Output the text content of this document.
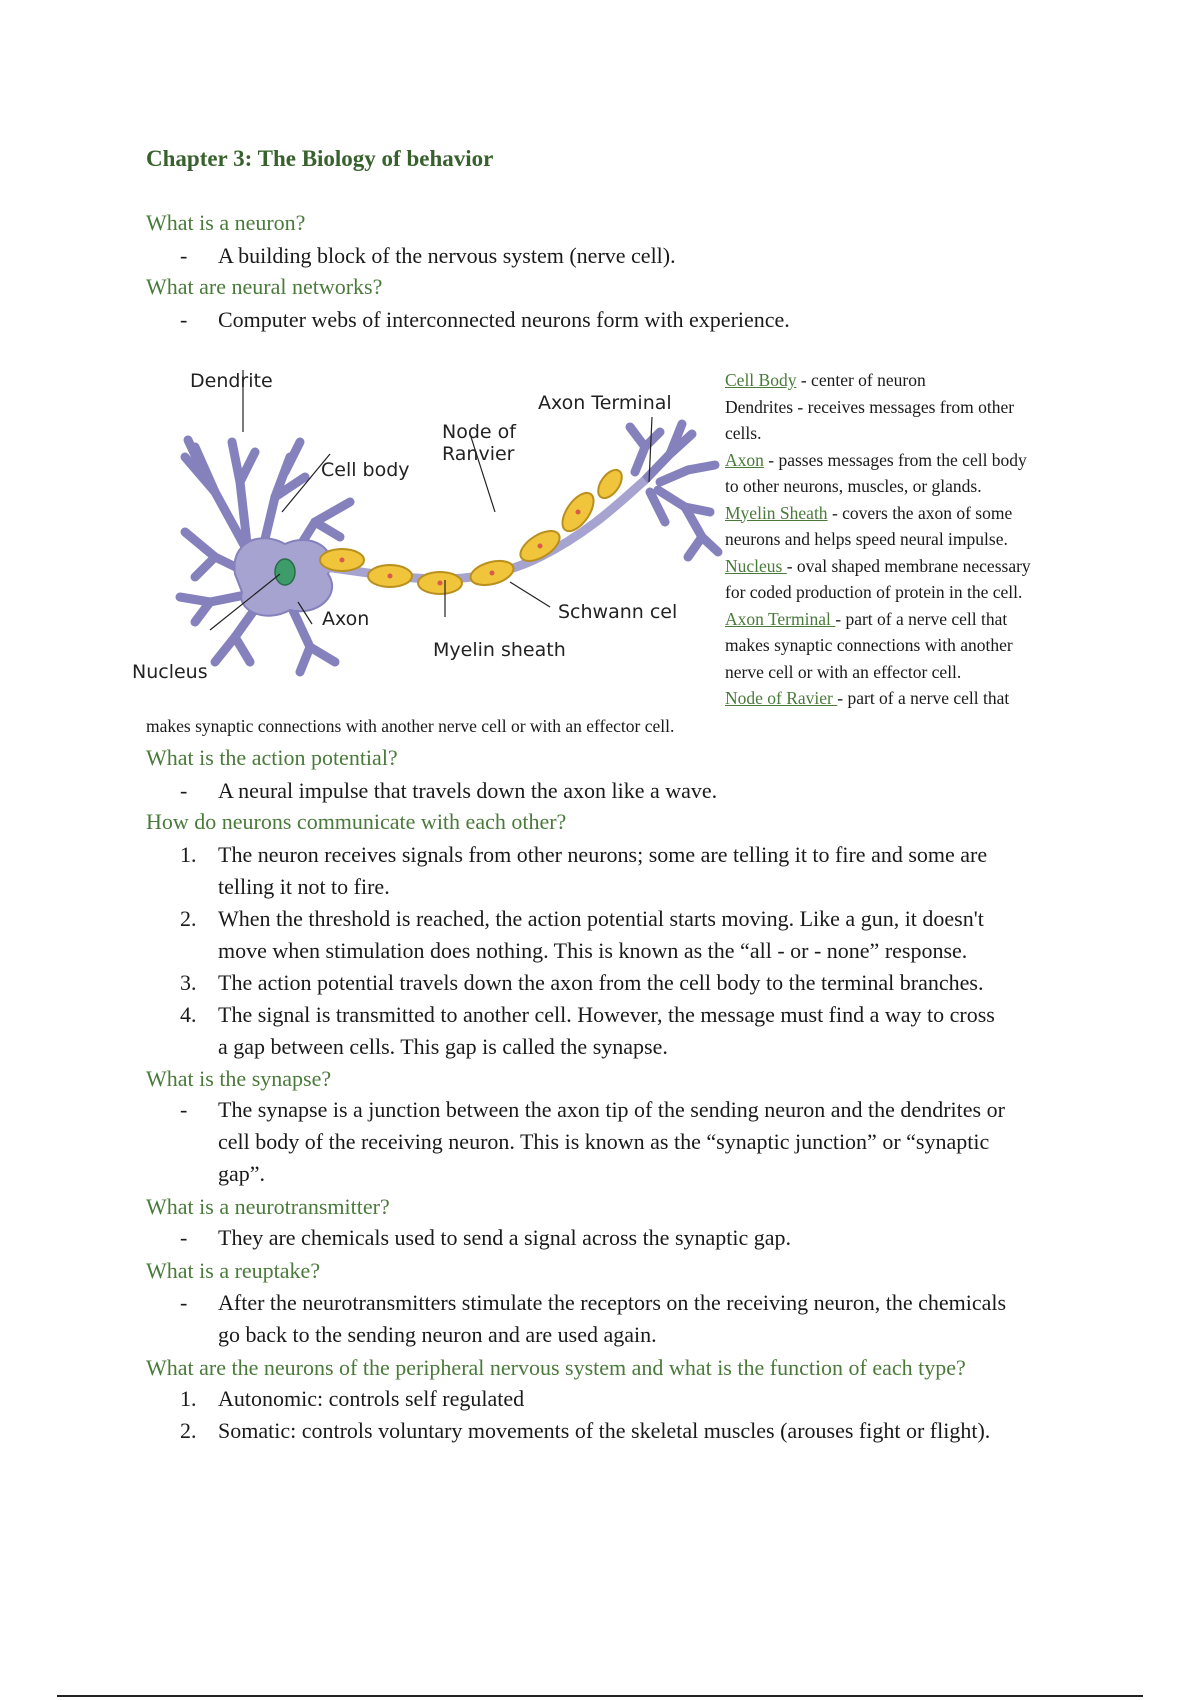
Chapter 3: The Biology of behavior
What is a neuron?
-	A building block of the nervous system (nerve cell).
What are neural networks?
-	Computer webs of interconnected neurons form with experience.
Dendrite
Axon Terminal
Node of
Ranvier
Cell body
Axon	Schwann cel
Myelin sheath
Nucleus
Cell Body - center of neuron
Dendrites - receives messages from other
cells.
Axon - passes messages from the cell body
to other neurons, muscles, or glands.
Myelin Sheath - covers the axon of some
neurons and helps speed neural impulse.
Nucleus - oval shaped membrane necessary
for coded production of protein in the cell.
Axon Terminal - part of a nerve cell that
makes synaptic connections with another
nerve cell or with an effector cell.
Node of Ravier - part of a nerve cell that
makes synaptic connections with another nerve cell or with an effector cell.
What is the action potential?
-	A neural impulse that travels down the axon like a wave.
How do neurons communicate with each other?
1. The neuron receives signals from other neurons; some are telling it to fire and some are
telling it not to fire.
2. When the threshold is reached, the action potential starts moving. Like a gun, it doesn't
move when stimulation does nothing. This is known as the “all - or - none” response.
3. The action potential travels down the axon from the cell body to the terminal branches.
4. The signal is transmitted to another cell. However, the message must find a way to cross
a gap between cells. This gap is called the synapse.
What is the synapse?
-	The synapse is a junction between the axon tip of the sending neuron and the dendrites or
cell body of the receiving neuron. This is known as the “synaptic junction” or “synaptic
gap”.
What is a neurotransmitter?
-	They are chemicals used to send a signal across the synaptic gap.
What is a reuptake?
-	After the neurotransmitters stimulate the receptors on the receiving neuron, the chemicals
go back to the sending neuron and are used again.
What are the neurons of the peripheral nervous system and what is the function of each type?
1. Autonomic: controls self regulated
2. Somatic: controls voluntary movements of the skeletal muscles (arouses fight or flight).
